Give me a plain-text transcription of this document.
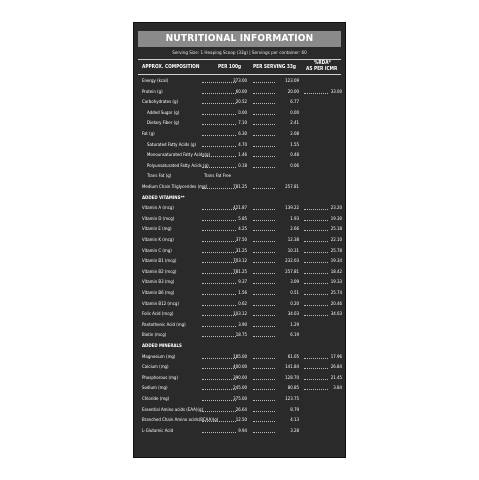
NUTRITIONAL INFORMATION
Serving Size: 1 Heaping Scoop (33g) | Servings per container: 60
APPROX. COMPOSITION	PER 100g PER SERVING 33g
%RDA*
AS PER ICMR
Energy (kcal)	373.00	123.09
Protein (g)	60.00	20.00	33.00
Carbohydrates (g)	20.52	6.77
Added Sugar (g)	0.00	0.00
Dietary Fiber (g)	7.10	2.41
Fat (g)	6.30	2.08
Saturated Fatty Acids (g)	4.70	1.55
Monounsaturated Fatty Acids(g)	1.46	0.48
Polyunsaturated Fatty Acids (g)	0.18	0.06
Trans Fat (g)	Trans Fat Free
Medium Chain Triglycerides (mg)	781.25	257.81
ADDED VITAMINS**
Vitamin A (mcg)	421.87	139.22	23.20
Vitamin D (mcg)	5.85	1.93	19.30
Vitamin E (mg)	4.25	2.66	25.18
Vitamin K (mcg)	37.50	12.38	22.10
Vitamin C (mg)	31.25	10.31	25.78
Vitamin B1 (mcg)	703.12	232.03	19.34
Vitamin B2 (mcg)	781.25	257.81	18.42
Vitamin B3 (mg)	9.37	3.09	19.33
Vitamin B6 (mg)	1.56	0.51	25.74
Vitamin B12 (mcg)	0.62	0.20	20.46
Folic Acid (mcg)	103.12	34.03	34.03
Pantothenic Acid (mg)	3.90	1.29
Biotin (mcg)	18.75	6.19
ADDED MINERALS
Magnesium (mg)	185.00	61.05	17.96
Calcium (mg)	400.00	141.84	26.84
Phosphorous (mg)	390.00	128.70	21.45
Sodium (mg)	245.00	80.85	3.84
Chloride (mg)	375.00	123.75
Essential Amino acids (EAA)(g)	26.64	8.79
Branched Chain Amino acids(BCAA)(g)	12.50	4.13
L-Glutamic Acid	9.94	3.28
